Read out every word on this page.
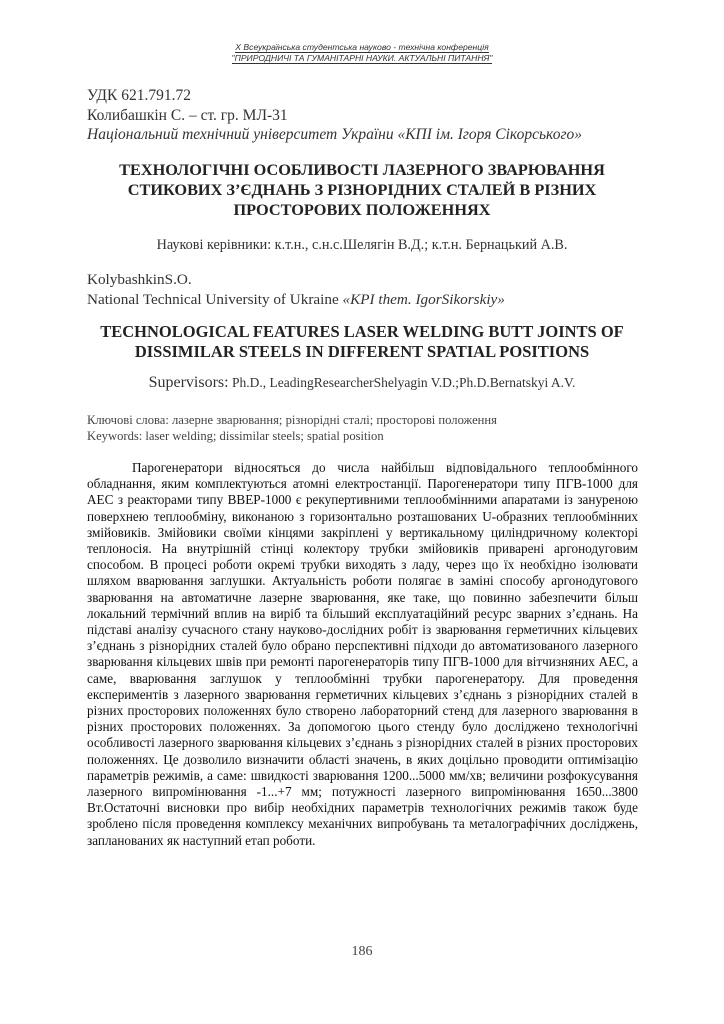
X Всеукраїнська студентська науково - технічна конференція
"ПРИРОДНИЧІ ТА ГУМАНІТАРНІ НАУКИ. АКТУАЛЬНІ ПИТАННЯ"
УДК 621.791.72
Колибашкін С. – ст. гр. МЛ-31
Національний технічний університет України «КПІ ім. Ігоря Сікорського»
ТЕХНОЛОГІЧНІ ОСОБЛИВОСТІ ЛАЗЕРНОГО ЗВАРЮВАННЯ СТИКОВИХ З’ЄДНАНЬ З РІЗНОРІДНИХ СТАЛЕЙ В РІЗНИХ ПРОСТОРОВИХ ПОЛОЖЕННЯХ
Наукові керівники: к.т.н., с.н.с.Шелягін В.Д.; к.т.н. Бернацький А.В.
KolybashkinS.O.
National Technical University of Ukraine «KPI them. IgorSikorskiy»
TECHNOLOGICAL FEATURES LASER WELDING BUTT JOINTS OF DISSIMILAR STEELS IN DIFFERENT SPATIAL POSITIONS
Supervisors: Ph.D., LeadingResearcherShelyagin V.D.;Ph.D.Bernatskyi A.V.
Ключові слова: лазерне зварювання; різнорідні сталі; просторові положення
Keywords: laser welding; dissimilar steels; spatial position
Парогенератори відносяться до числа найбільш відповідального теплообмінного обладнання, яким комплектуються атомні електростанції. Парогенератори типу ПГВ-1000 для АЕС з реакторами типу ВВЕР-1000 є рекупертивними теплообмінними апаратами із зануреною поверхнею теплообміну, виконаною з горизонтально розташованих U-образних теплообмінних змійовиків. Змійовики своїми кінцями закріплені у вертикальному циліндричному колекторі теплоносія. На внутрішній стінці колектору трубки змійовиків приварені аргонодуговим способом. В процесі роботи окремі трубки виходять з ладу, через що їх необхідно ізолювати шляхом вварювання заглушки. Актуальність роботи полягає в заміні способу аргонодугового зварювання на автоматичне лазерне зварювання, яке таке, що повинно забезпечити більш локальний термічний вплив на виріб та більший експлуатаційний ресурс зварних з’єднань. На підставі аналізу сучасного стану науково-дослідних робіт із зварювання герметичних кільцевих з’єднань з різнорідних сталей було обрано перспективні підходи до автоматизованого лазерного зварювання кільцевих швів при ремонті парогенераторів типу ПГВ-1000 для вітчизняних АЕС, а саме, вварювання заглушок у теплообмінні трубки парогенератору. Для проведення експериментів з лазерного зварювання герметичних кільцевих з’єднань з різнорідних сталей в різних просторових положеннях було створено лабораторний стенд для лазерного зварювання в різних просторових положеннях. За допомогою цього стенду було досліджено технологічні особливості лазерного зварювання кільцевих з’єднань з різнорідних сталей в різних просторових положеннях. Це дозволило визначити області значень, в яких доцільно проводити оптимізацію параметрів режимів, а саме: швидкості зварювання 1200...5000 мм/хв; величини розфокусування лазерного випромінювання -1...+7 мм; потужності лазерного випромінювання 1650...3800 Вт.Остаточні висновки про вибір необхідних параметрів технологічних режимів також буде зроблено після проведення комплексу механічних випробувань та металографічних досліджень, запланованих як наступний етап роботи.
186
